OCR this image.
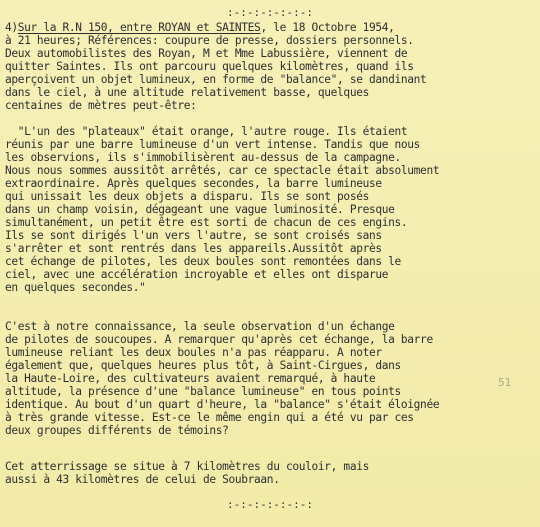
:-:-:-:-:-:-:
4)Sur la R.N 150, entre ROYAN et SAINTES, le 18 Octobre 1954,
à 21 heures; Références: coupure de presse, dossiers personnels.
Deux automobilistes des Royan, M et Mme Labussière, viennent de
quitter Saintes. Ils ont parcouru quelques kilomètres, quand ils
aperçoivent un objet lumineux, en forme de "balance", se dandinant
dans le ciel, à une altitude relativement basse, quelques
centaines de mètres peut-être:
"L'un des "plateaux" était orange, l'autre rouge. Ils étaient
réunis par une barre lumineuse d'un vert intense. Tandis que nous
les observions, ils s'immobilisèrent au-dessus de la campagne.
Nous nous sommes aussitôt arrêtés, car ce spectacle était absolument
extraordinaire. Après quelques secondes, la barre lumineuse
qui unissait les deux objets a disparu. Ils se sont posés
dans un champ voisin, dégageant une vague luminosité. Presque
simultanément, un petit être est sorti de chacun de ces engins.
Ils se sont dirigés l'un vers l'autre, se sont croisés sans
s'arrêter et sont rentrés dans les appareils.Aussitôt après
cet échange de pilotes, les deux boules sont remontées dans le
ciel, avec une accélération incroyable et elles ont disparue
en quelques secondes."
C'est à notre connaissance, la seule observation d'un échange
de pilotes de soucoupes. A remarquer qu'après cet échange, la barre
lumineuse reliant les deux boules n'a pas réapparu. A noter
également que, quelques heures plus tôt, à Saint-Cirgues, dans
la Haute-Loire, des cultivateurs avaient remarqué, à haute
altitude, la présence d'une "balance lumineuse" en tous points
identique. Au bout d'un quart d'heure, la "balance" s'était éloignée
à très grande vitesse. Est-ce le même engin qui a été vu par ces
deux groupes différents de témoins?
Cet atterrissage se situe à 7 kilomètres du couloir, mais
aussi à 43 kilomètres de celui de Soubraan.
51
:-:-:-:-:-:-:
